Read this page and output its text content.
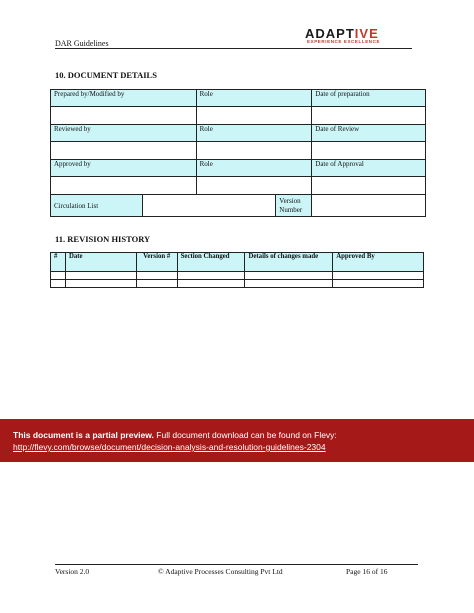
DAR Guidelines
ADAPTIVE
EXPERIENCE EXCELLENCE
10. DOCUMENT DETAILS
Prepared by/Modified by		Role		Date of preparation

Reviewed by		Role		Date of Review

Approved by		Role		Date of Approval

Circulation List			Version Number	
11. REVISION HISTORY
#	Date	Version #	Section Changed	Details of changes made	Approved By

This document is a partial preview. Full document download can be found on Flevy:
http://flevy.com/browse/document/decision-analysis-and-resolution-guidelines-2304
Version 2.0	© Adaptive Processes Consulting Pvt Ltd	Page 16 of 16
